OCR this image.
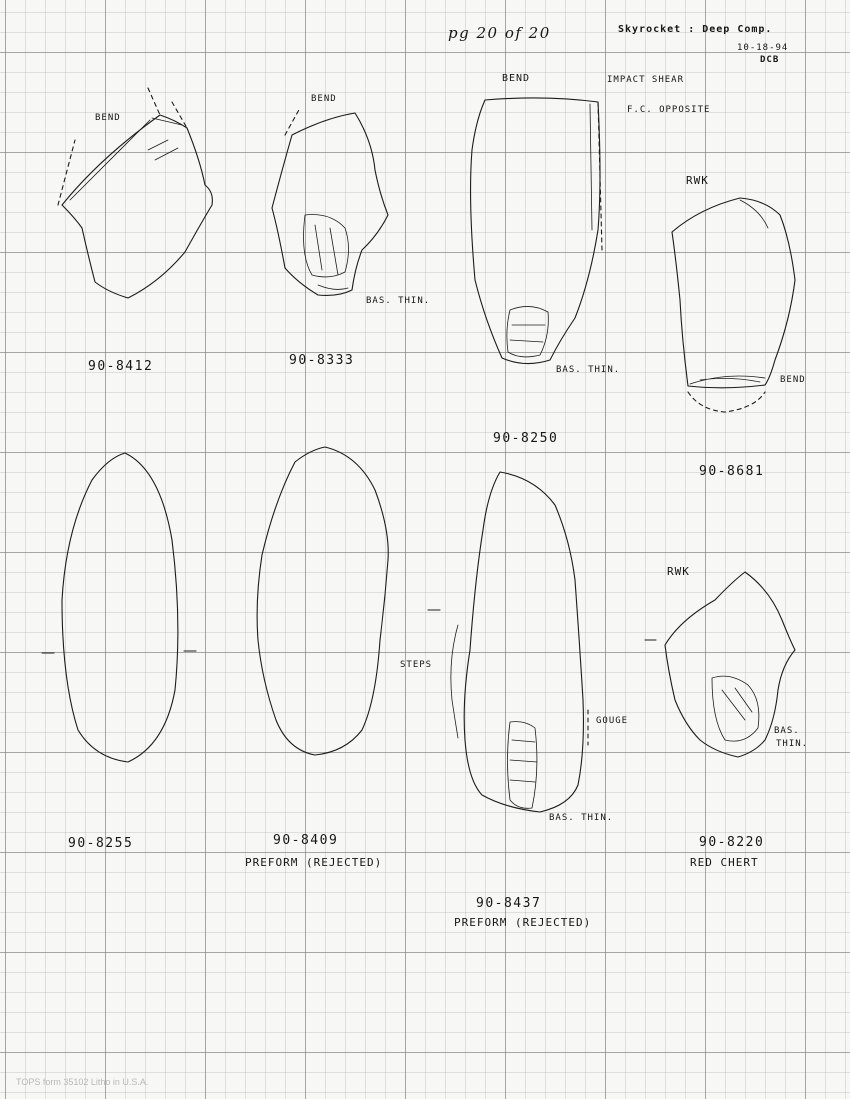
pg 20 of 20	Skyrocket : Deep Comp.
10-18-94
DCB
BEND
BEND
BAS. THIN.
BEND	IMPACT SHEAR
F.C. OPPOSITE
BAS. THIN.
RWK
BEND
STEPS
GOUGE
BAS. THIN.
RWK
BAS.
THIN.
90-8412	90-8333
90-8250
90-8681
90-8255	90-8409
PREFORM (REJECTED)
90-8437
PREFORM (REJECTED)
90-8220
RED CHERT
TOPS form 35102 Litho in U.S.A.
